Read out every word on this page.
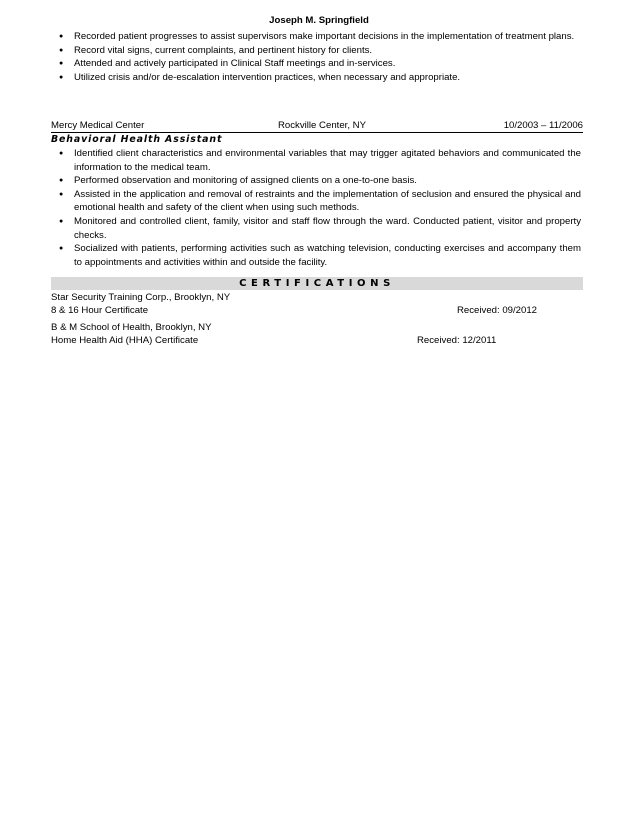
Joseph M. Springfield
● Recorded patient progresses to assist supervisors make important decisions in the implementation of treatment plans.
● Record vital signs, current complaints, and pertinent history for clients.
● Attended and actively participated in Clinical Staff meetings and in-services.
● Utilized crisis and/or de-escalation intervention practices, when necessary and appropriate.
Mercy Medical Center	Rockville Center, NY	10/2003 – 11/2006
Behavioral Health Assistant
● Identified client characteristics and environmental variables that may trigger agitated behaviors and communicated the information to the medical team.
● Performed observation and monitoring of assigned clients on a one-to-one basis.
● Assisted in the application and removal of restraints and the implementation of seclusion and ensured the physical and emotional health and safety of the client when using such methods.
● Monitored and controlled client, family, visitor and staff flow through the ward. Conducted patient, visitor and property checks.
● Socialized with patients, performing activities such as watching television, conducting exercises and accompany them to appointments and activities within and outside the facility.
CERTIFICATIONS
Star Security Training Corp., Brooklyn, NY
8 & 16 Hour Certificate	Received: 09/2012
B & M School of Health, Brooklyn, NY
Home Health Aid (HHA) Certificate	Received: 12/2011
